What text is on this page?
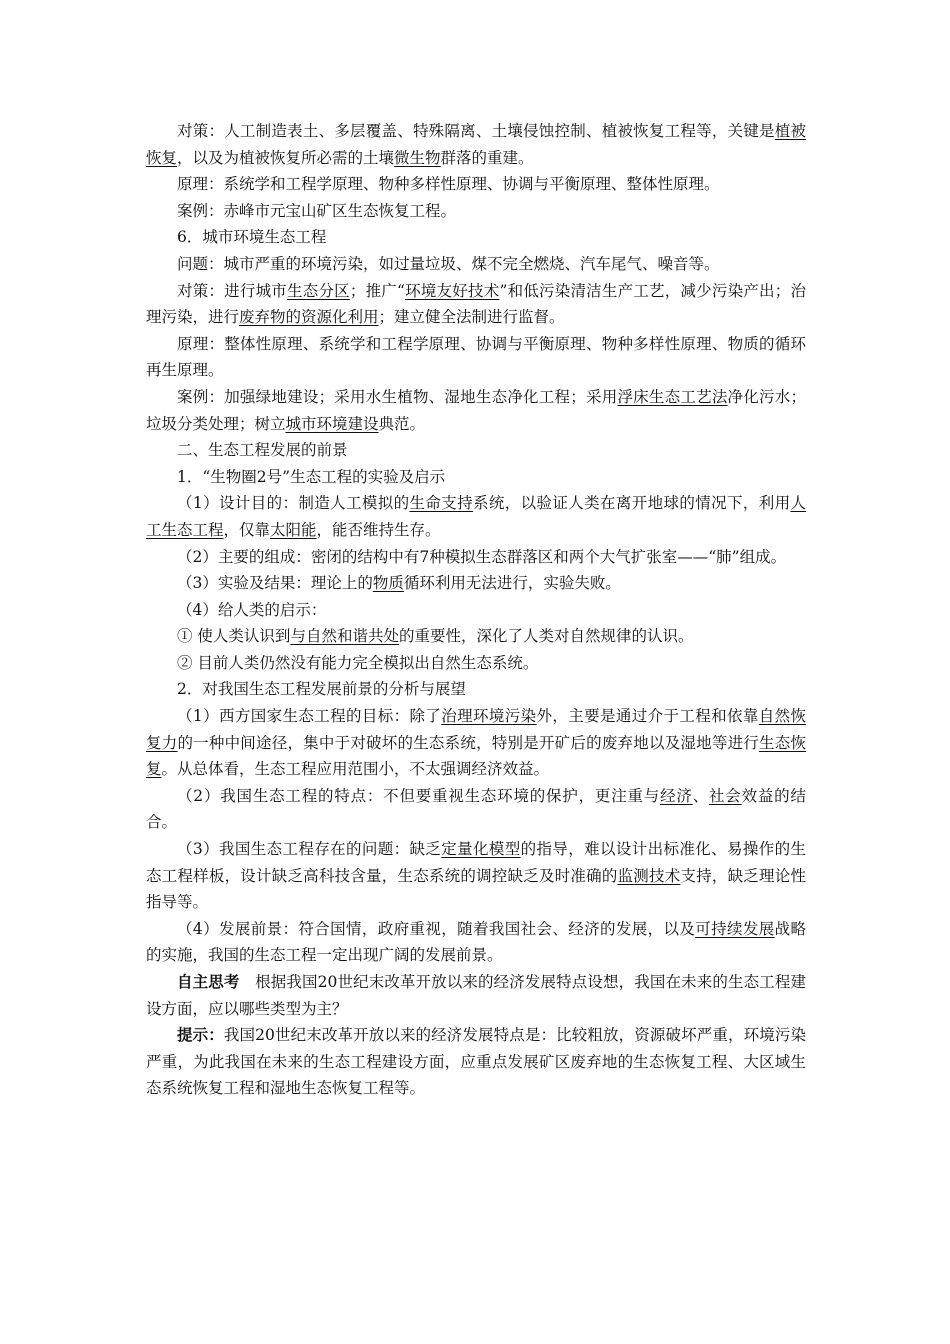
对策：人工制造表土、多层覆盖、特殊隔离、土壤侵蚀控制、植被恢复工程等，关键是植被恢复，以及为植被恢复所必需的土壤微生物群落的重建。

原理：系统学和工程学原理、物种多样性原理、协调与平衡原理、整体性原理。

案例：赤峰市元宝山矿区生态恢复工程。

6．城市环境生态工程

问题：城市严重的环境污染，如过量垃圾、煤不完全燃烧、汽车尾气、噪音等。

对策：进行城市生态分区；推广“环境友好技术”和低污染清洁生产工艺，减少污染产出；治理污染，进行废弃物的资源化利用；建立健全法制进行监督。

原理：整体性原理、系统学和工程学原理、协调与平衡原理、物种多样性原理、物质的循环再生原理。

案例：加强绿地建设；采用水生植物、湿地生态净化工程；采用浮床生态工艺法净化污水；垃圾分类处理；树立城市环境建设典范。

二、生态工程发展的前景

1．“生物圈2号”生态工程的实验及启示

（1）设计目的：制造人工模拟的生命支持系统，以验证人类在离开地球的情况下，利用人工生态工程，仅靠太阳能，能否维持生存。

（2）主要的组成：密闭的结构中有7种模拟生态群落区和两个大气扩张室——“肺”组成。

（3）实验及结果：理论上的物质循环利用无法进行，实验失败。

（4）给人类的启示：

① 使人类认识到与自然和谐共处的重要性，深化了人类对自然规律的认识。

② 目前人类仍然没有能力完全模拟出自然生态系统。

2．对我国生态工程发展前景的分析与展望

（1）西方国家生态工程的目标：除了治理环境污染外，主要是通过介于工程和依靠自然恢复力的一种中间途径，集中于对破坏的生态系统，特别是开矿后的废弃地以及湿地等进行生态恢复。从总体看，生态工程应用范围小，不太强调经济效益。

（2）我国生态工程的特点：不但要重视生态环境的保护，更注重与经济、社会效益的结合。

（3）我国生态工程存在的问题：缺乏定量化模型的指导，难以设计出标准化、易操作的生态工程样板，设计缺乏高科技含量，生态系统的调控缺乏及时准确的监测技术支持，缺乏理论性指导等。

（4）发展前景：符合国情，政府重视，随着我国社会、经济的发展，以及可持续发展战略的实施，我国的生态工程一定出现广阔的发展前景。

自主思考　根据我国20世纪末改革开放以来的经济发展特点设想，我国在未来的生态工程建设方面，应以哪些类型为主？

提示：我国20世纪末改革开放以来的经济发展特点是：比较粗放，资源破坏严重，环境污染严重，为此我国在未来的生态工程建设方面，应重点发展矿区废弃地的生态恢复工程、大区域生态系统恢复工程和湿地生态恢复工程等。
